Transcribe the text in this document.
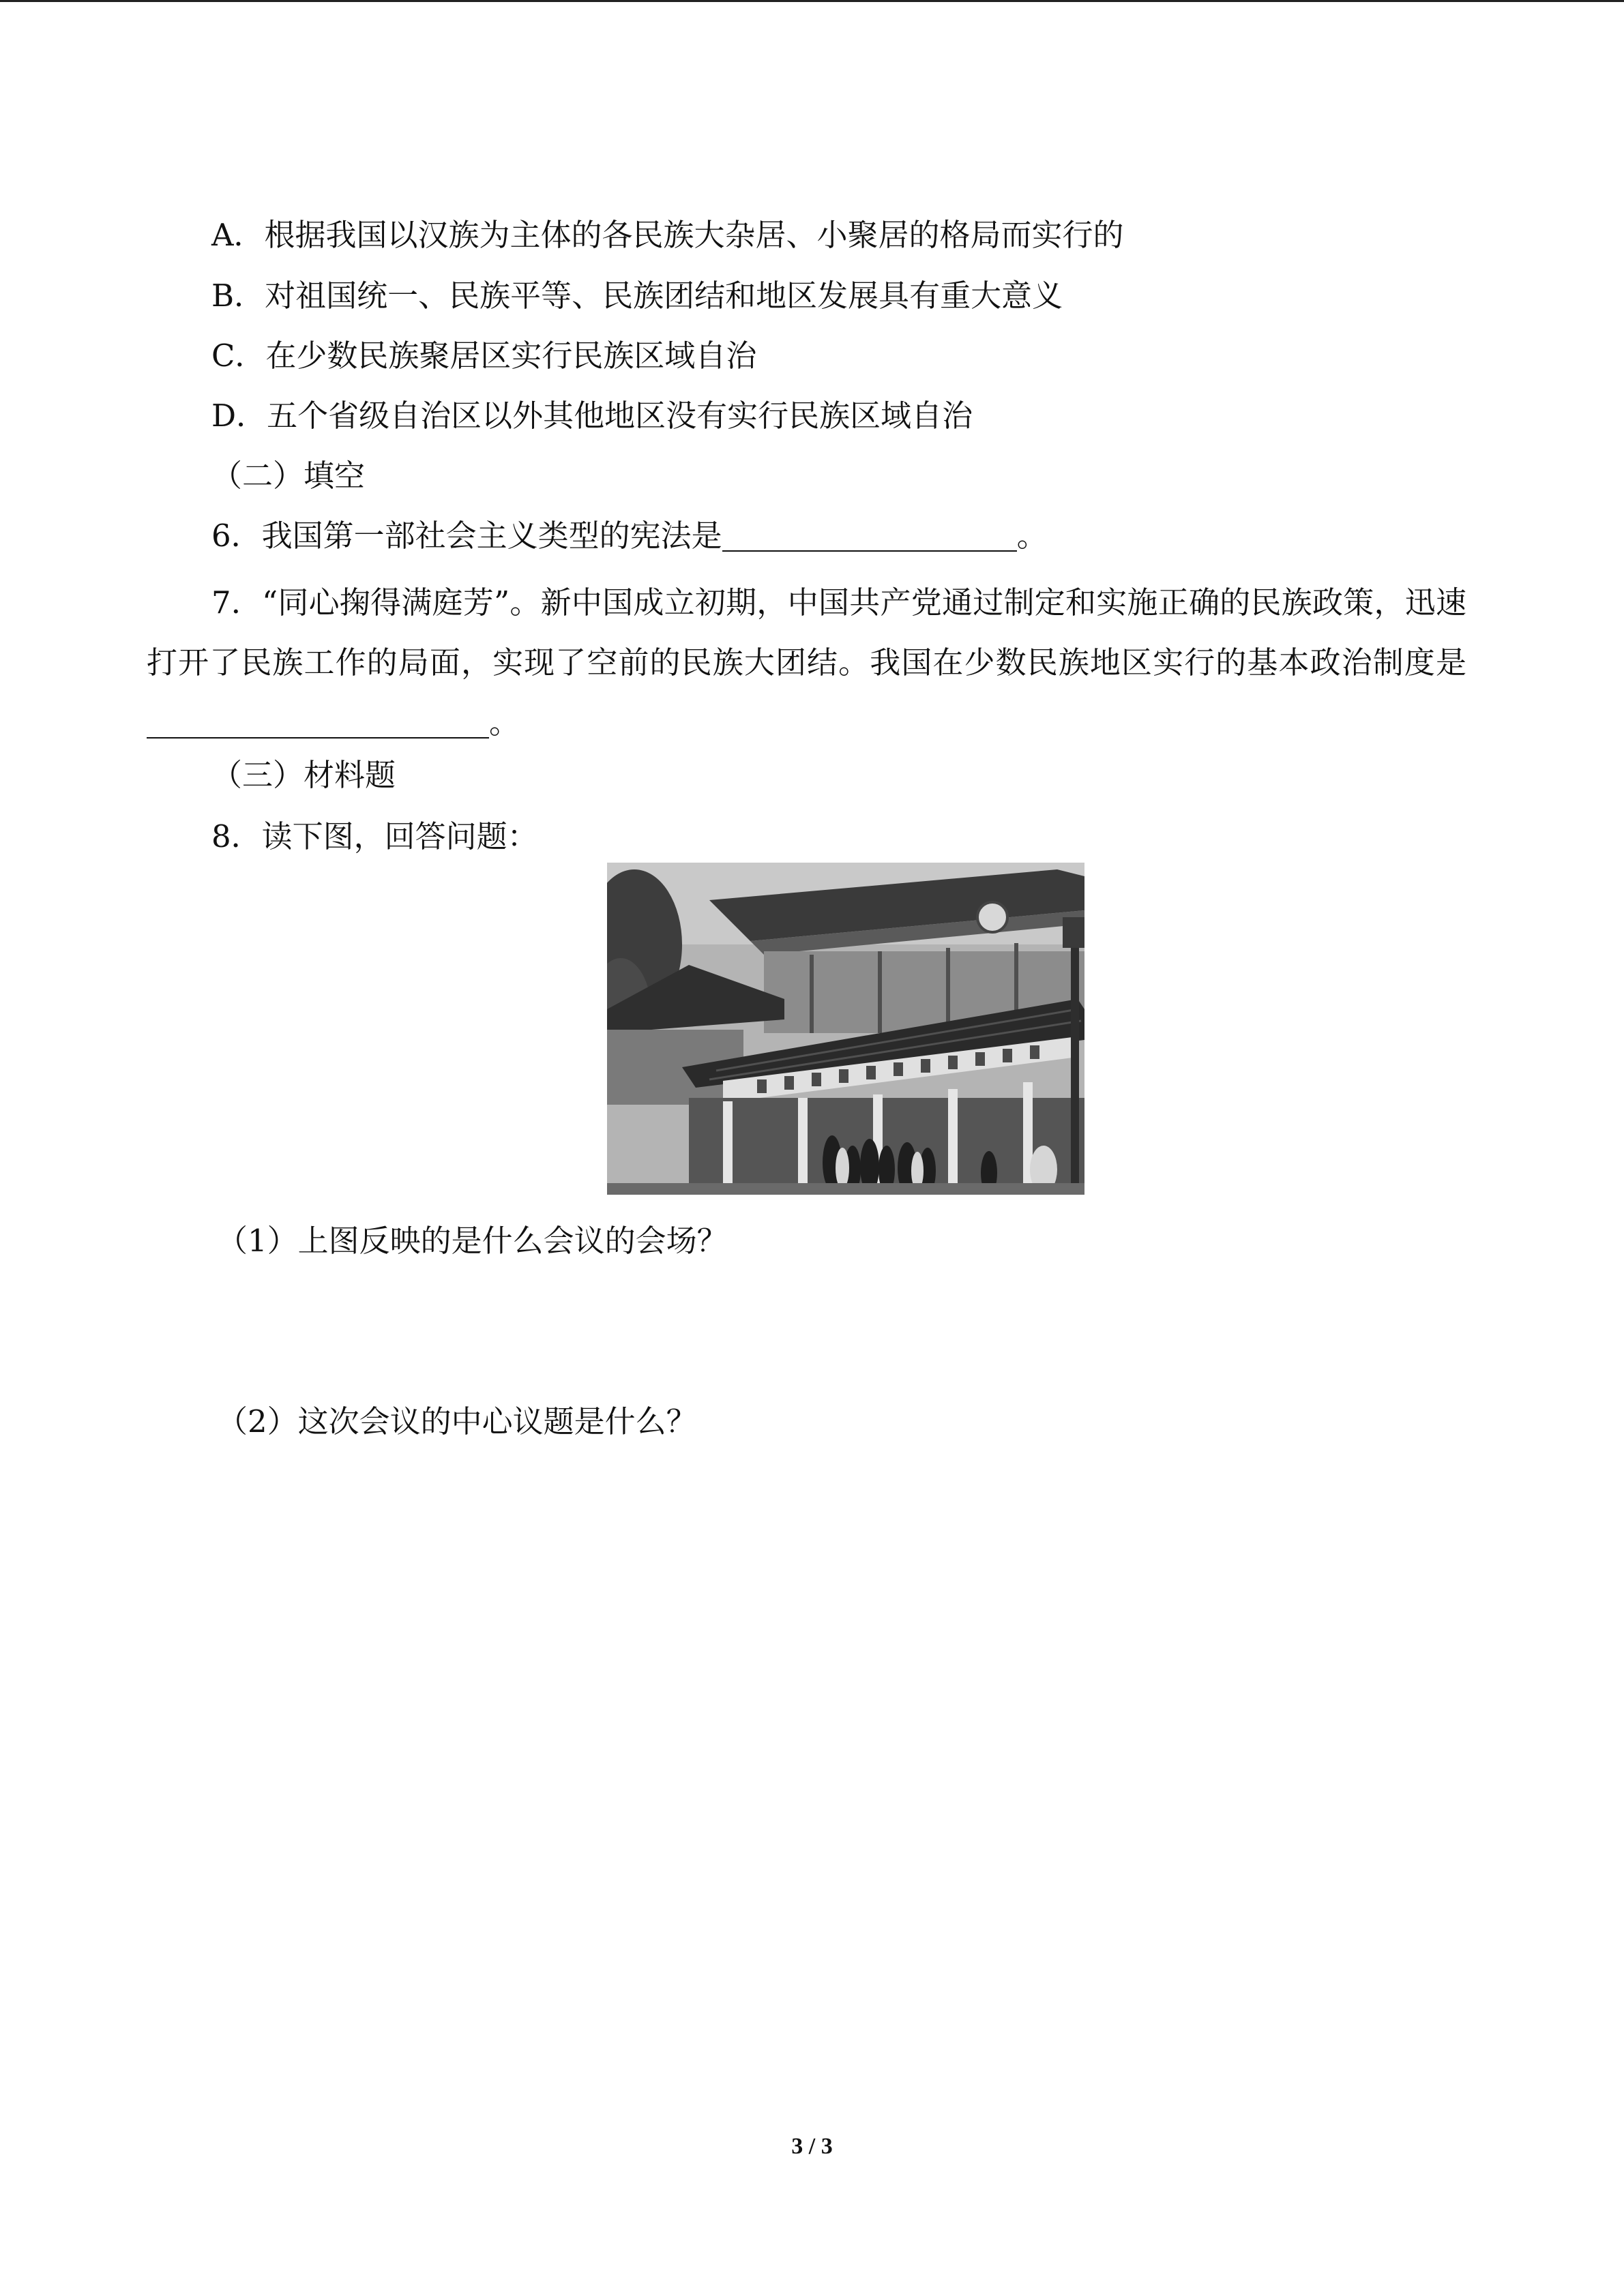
A．根据我国以汉族为主体的各民族大杂居、小聚居的格局而实行的
B．对祖国统一、民族平等、民族团结和地区发展具有重大意义
C．在少数民族聚居区实行民族区域自治
D．五个省级自治区以外其他地区没有实行民族区域自治
（二）填空
6．我国第一部社会主义类型的宪法是	。
7．“同心掬得满庭芳”。新中国成立初期，中国共产党通过制定和实施正确的民族政策，迅速打开了民族工作的局面，实现了空前的民族大团结。我国在少数民族地区实行的基本政治制度是。
（三）材料题
8．读下图，回答问题：
（1）上图反映的是什么会议的会场？
（2）这次会议的中心议题是什么？
3 / 3
